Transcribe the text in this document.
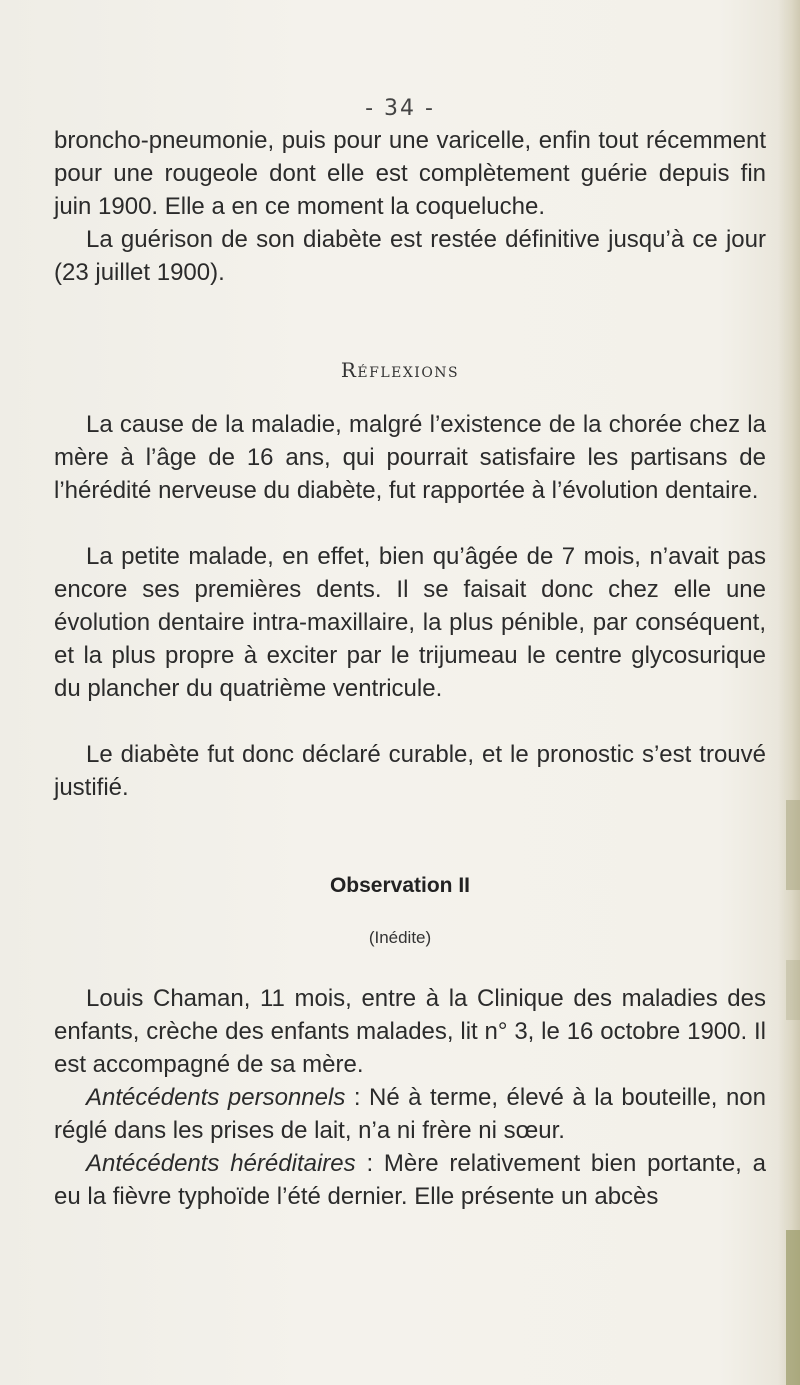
- 34 -

broncho-pneumonie, puis pour une varicelle, enfin tout récemment pour une rougeole dont elle est complètement guérie depuis fin juin 1900. Elle a en ce moment la coqueluche.

La guérison de son diabète est restée définitive jusqu’à ce jour (23 juillet 1900).

Réflexions

La cause de la maladie, malgré l’existence de la chorée chez la mère à l’âge de 16 ans, qui pourrait satisfaire les partisans de l’hérédité nerveuse du diabète, fut rapportée à l’évolution dentaire.

La petite malade, en effet, bien qu’âgée de 7 mois, n’avait pas encore ses premières dents. Il se faisait donc chez elle une évolution dentaire intra-maxillaire, la plus pénible, par conséquent, et la plus propre à exciter par le trijumeau le centre glycosurique du plancher du quatrième ventricule.

Le diabète fut donc déclaré curable, et le pronostic s’est trouvé justifié.

Observation II
(Inédite)

Louis Chaman, 11 mois, entre à la Clinique des maladies des enfants, crèche des enfants malades, lit n° 3, le 16 octobre 1900. Il est accompagné de sa mère.

Antécédents personnels : Né à terme, élevé à la bouteille, non réglé dans les prises de lait, n’a ni frère ni sœur.

Antécédents héréditaires : Mère relativement bien portante, a eu la fièvre typhoïde l’été dernier. Elle présente un abcès
